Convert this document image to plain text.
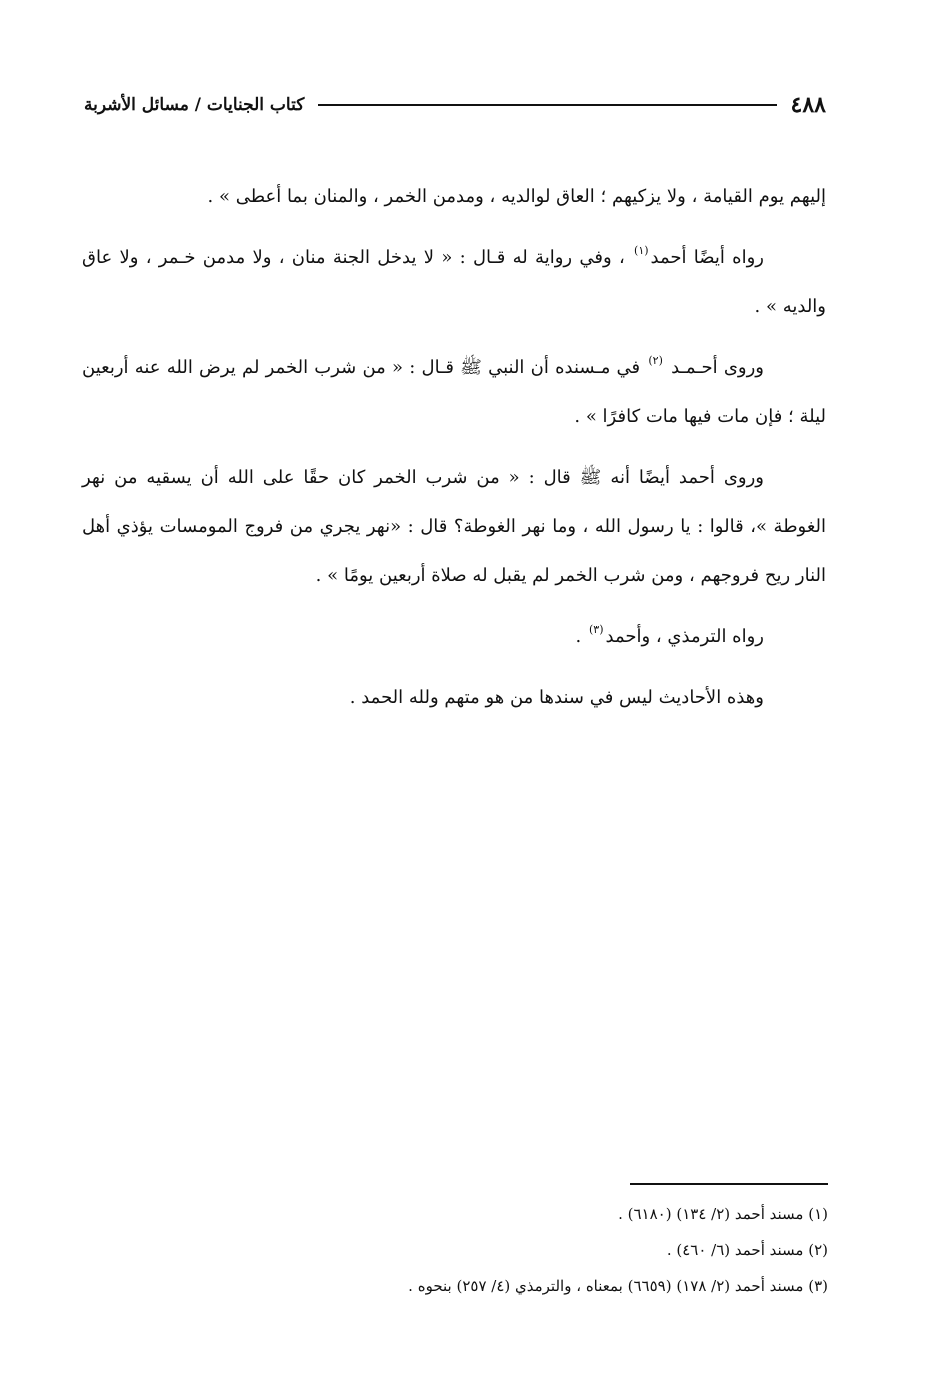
٤٨٨
كتاب الجنايات / مسائل الأشربة

إليهم يوم القيامة ، ولا يزكيهم ؛ العاق لوالديه ، ومدمن الخمر ، والمنان بما أعطى » .

رواه أيضًا أحمد$^{(١)}$ ، وفي رواية له قـال : « لا يدخل الجنة منان ، ولا مدمن خـمر ، ولا عاق والديه » .

وروى أحـمـد $^{(٢)}$ في مـسنده أن النبي ﷺ قـال : « من شرب الخمر لم يرض الله عنه أربعين ليلة ؛ فإن مات فيها مات كافرًا » .

وروى أحمد أيضًا أنه ﷺ قال : « من شرب الخمر كان حقًا على الله أن يسقيه من نهر الغوطة »، قالوا : يا رسول الله ، وما نهر الغوطة؟ قال : «نهر يجري من فروج المومسات يؤذي أهل النار ريح فروجهم ، ومن شرب الخمر لم يقبل له صلاة أربعين يومًا » .

رواه الترمذي ، وأحمد$^{(٣)}$ .

وهذه الأحاديث ليس في سندها من هو متهم ولله الحمد .

(١) مسند أحمد (٢/ ١٣٤) (٦١٨٠) .

(٢) مسند أحمد (٦/ ٤٦٠) .

(٣) مسند أحمد (٢/ ١٧٨) (٦٦٥٩) بمعناه ، والترمذي (٤/ ٢٥٧) بنحوه .
